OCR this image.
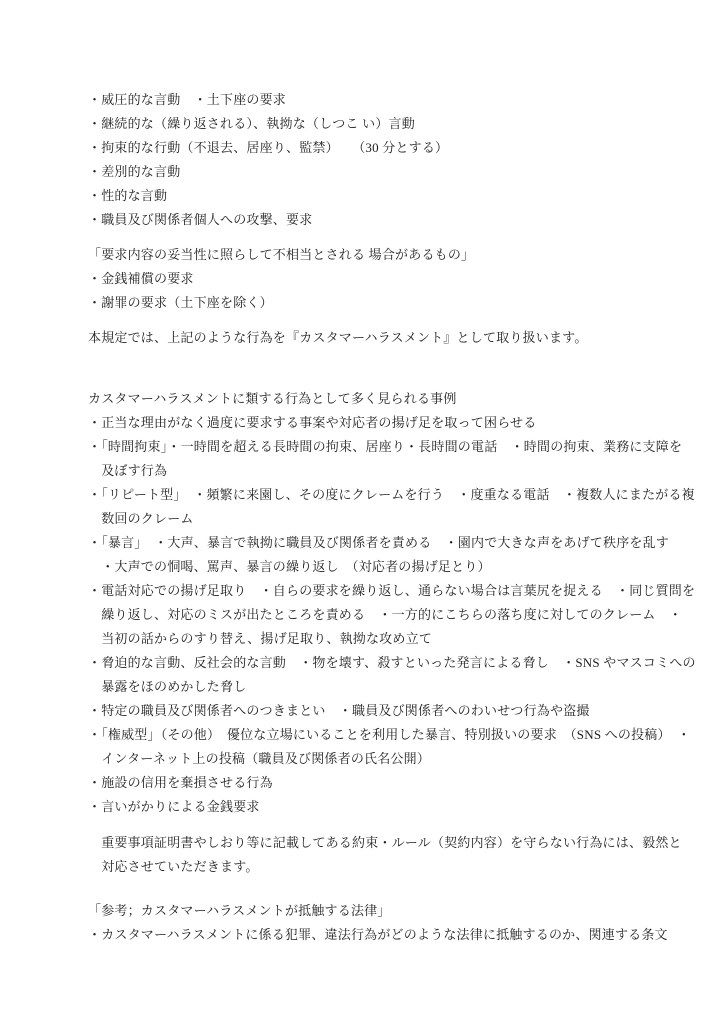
・威圧的な言動　・土下座の要求
・継続的な（繰り返される）、執拗な（しつこ い）言動
・拘束的な行動（不退去、居座り、監禁）　　（30 分とする）
・差別的な言動
・性的な言動
・職員及び関係者個人への攻撃、要求
「要求内容の妥当性に照らして不相当とされる 場合があるもの」
・金銭補償の要求
・謝罪の要求（土下座を除く）
本規定では、上記のような行為を『カスタマーハラスメント』として取り扱います。
カスタマーハラスメントに類する行為として多く見られる事例
・正当な理由がなく過度に要求する事案や対応者の揚げ足を取って困らせる
・「時間拘束」・一時間を超える長時間の拘束、居座り・長時間の電話　・時間の拘束、業務に支障を
　及ぼす行為
・「リピート型」　・頻繁に来園し、その度にクレームを行う　・度重なる電話　・複数人にまたがる複
　数回のクレーム
・「暴言」　・大声、暴言で執拗に職員及び関係者を責める　・園内で大きな声をあげて秩序を乱す
　・大声での恫喝、罵声、暴言の繰り返し　（対応者の揚げ足とり）
・電話対応での揚げ足取り　・自らの要求を繰り返し、通らない場合は言葉尻を捉える　・同じ質問を
　繰り返し、対応のミスが出たところを責める　・一方的にこちらの落ち度に対してのクレーム　・
　当初の話からのすり替え、揚げ足取り、執拗な攻め立て
・脅迫的な言動、反社会的な言動　・物を壊す、殺すといった発言による脅し　・SNS やマスコミへの
　暴露をほのめかした脅し
・特定の職員及び関係者へのつきまとい　・職員及び関係者へのわいせつ行為や盗撮
・「権威型」（その他）　優位な立場にいることを利用した暴言、特別扱いの要求　（SNS への投稿）　・
　インターネット上の投稿（職員及び関係者の氏名公開）
・施設の信用を棄損させる行為
・言いがかりによる金銭要求
　重要事項証明書やしおり等に記載してある約束・ルール（契約内容）を守らない行為には、毅然と
　対応させていただきます。
「参考；カスタマーハラスメントが抵触する法律」
・カスタマーハラスメントに係る犯罪、違法行為がどのような法律に抵触するのか、関連する条文
